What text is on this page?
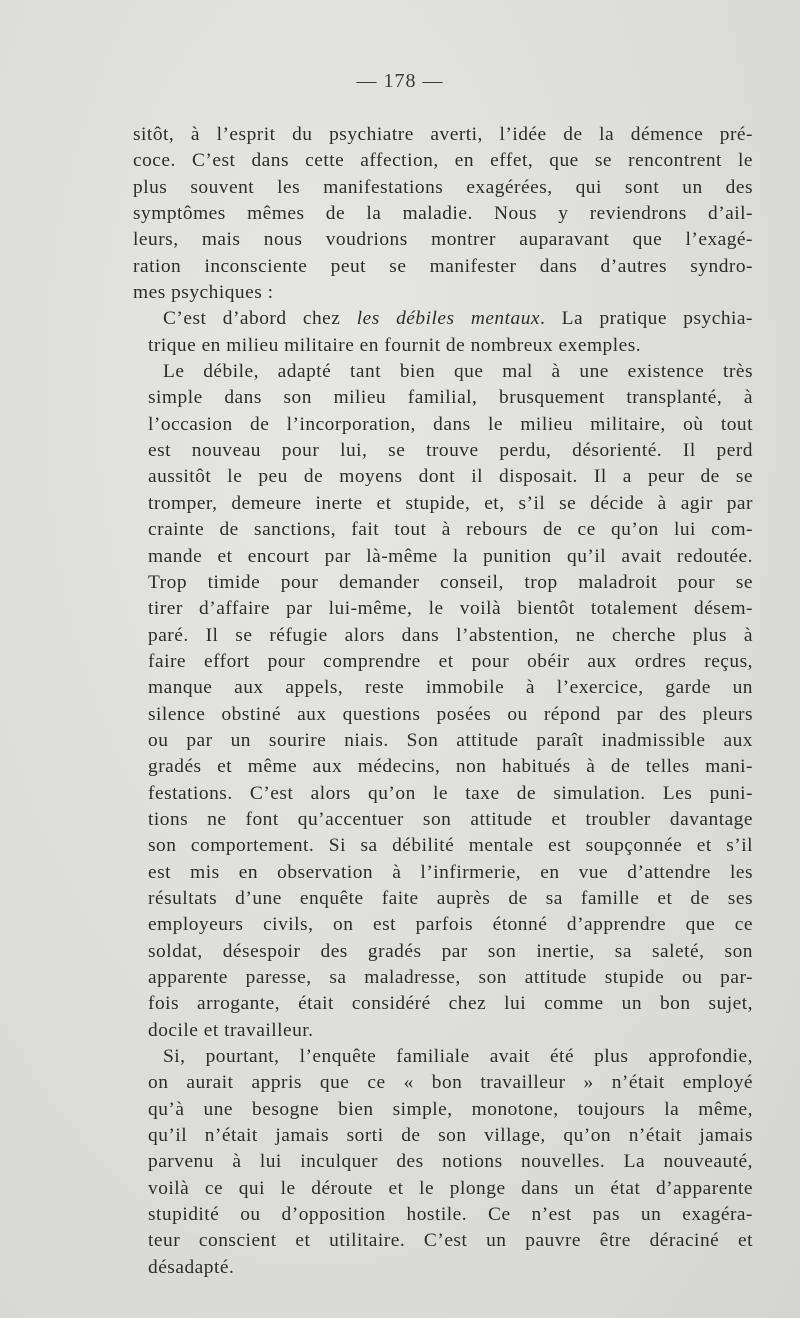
— 178 —
sitôt, à l’esprit du psychiatre averti, l’idée de la démence pré-
coce. C’est dans cette affection, en effet, que se rencontrent le
plus souvent les manifestations exagérées, qui sont un des
symptômes mêmes de la maladie. Nous y reviendrons d’ail-
leurs, mais nous voudrions montrer auparavant que l’exagé-
ration inconsciente peut se manifester dans d’autres syndro-
mes psychiques :
C’est d’abord chez les débiles mentaux. La pratique psychia-
trique en milieu militaire en fournit de nombreux exemples.
Le débile, adapté tant bien que mal à une existence très
simple dans son milieu familial, brusquement transplanté, à
l’occasion de l’incorporation, dans le milieu militaire, où tout
est nouveau pour lui, se trouve perdu, désorienté. Il perd
aussitôt le peu de moyens dont il disposait. Il a peur de se
tromper, demeure inerte et stupide, et, s’il se décide à agir par
crainte de sanctions, fait tout à rebours de ce qu’on lui com-
mande et encourt par là-même la punition qu’il avait redoutée.
Trop timide pour demander conseil, trop maladroit pour se
tirer d’affaire par lui-même, le voilà bientôt totalement désem-
paré. Il se réfugie alors dans l’abstention, ne cherche plus à
faire effort pour comprendre et pour obéir aux ordres reçus,
manque aux appels, reste immobile à l’exercice, garde un
silence obstiné aux questions posées ou répond par des pleurs
ou par un sourire niais. Son attitude paraît inadmissible aux
gradés et même aux médecins, non habitués à de telles mani-
festations. C’est alors qu’on le taxe de simulation. Les puni-
tions ne font qu’accentuer son attitude et troubler davantage
son comportement. Si sa débilité mentale est soupçonnée et s’il
est mis en observation à l’infirmerie, en vue d’attendre les
résultats d’une enquête faite auprès de sa famille et de ses
employeurs civils, on est parfois étonné d’apprendre que ce
soldat, désespoir des gradés par son inertie, sa saleté, son
apparente paresse, sa maladresse, son attitude stupide ou par-
fois arrogante, était considéré chez lui comme un bon sujet,
docile et travailleur.
Si, pourtant, l’enquête familiale avait été plus approfondie,
on aurait appris que ce « bon travailleur » n’était employé
qu’à une besogne bien simple, monotone, toujours la même,
qu’il n’était jamais sorti de son village, qu’on n’était jamais
parvenu à lui inculquer des notions nouvelles. La nouveauté,
voilà ce qui le déroute et le plonge dans un état d’apparente
stupidité ou d’opposition hostile. Ce n’est pas un exagéra-
teur conscient et utilitaire. C’est un pauvre être déraciné et
désadapté.
